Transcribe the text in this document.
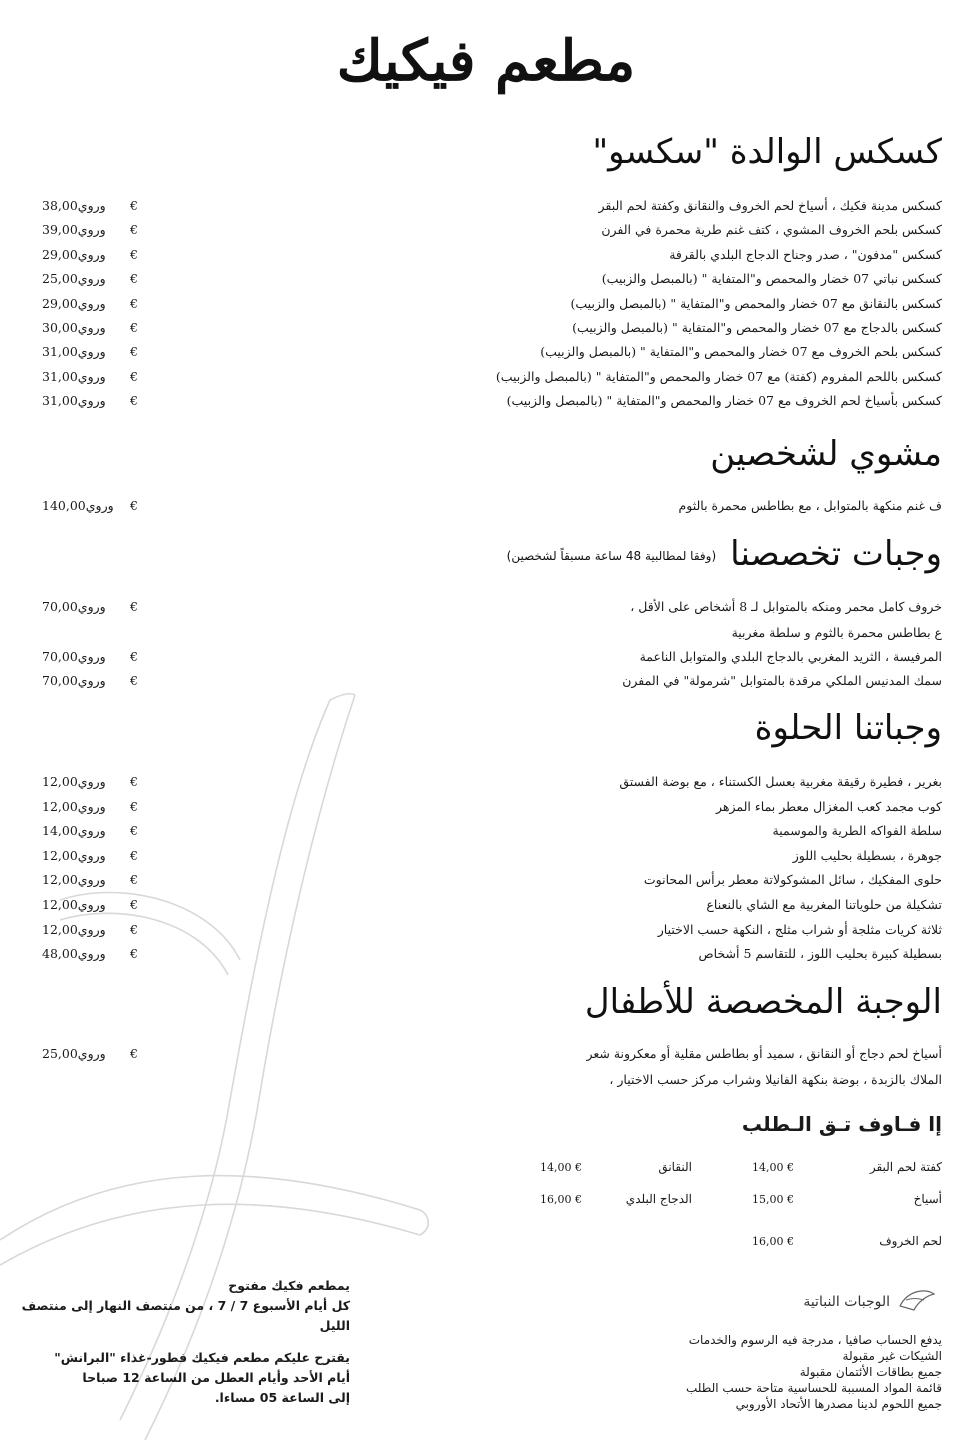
مطعم فيكيك
كسكس الوالدة "سكسو"
كسكس مدينة فكيك ، أسياخ لحم الخروف والنقانق وكفتة لحم البقر
€
38,00وروي
كسكس بلحم الخروف المشوي ، كتف غنم طرية محمرة في الفرن
€
39,00وروي
كسكس "مدفون" ، صدر وجناح الدجاج البلدي بالقرفة
€
29,00وروي
كسكس نباتي 07 خضار والمحمص و"المتفاية " (بالمبصل والزبيب)
€
25,00وروي
كسكس بالنقانق مع 07 خضار والمحمص و"المتفاية " (بالمبصل والزبيب)
€
29,00وروي
كسكس بالدجاج مع 07 خضار والمحمص و"المتفاية " (بالمبصل والزبيب)
€
30,00وروي
كسكس بلحم الخروف مع 07 خضار والمحمص و"المتفاية " (بالمبصل والزبيب)
€
31,00وروي
كسكس باللحم المفروم (كفتة) مع 07 خضار والمحمص و"المتفاية " (بالمبصل والزبيب)
€
31,00وروي
كسكس بأسياخ لحم الخروف مع 07 خضار والمحمص و"المتفاية " (بالمبصل والزبيب)
€
31,00وروي
مشوي لشخصين
ف غنم منكهة بالمتوابل ، مع بطاطس محمرة بالثوم
€
140,00وروي
وجبات تخصصنا(وفقا لمطالبية 48 ساعة مسبقاً لشخصين)
خروف كامل محمر ومنكه بالمتوابل لـ 8 أشخاص على الأقل ،
€
70,00وروي
ع بطاطس محمرة بالثوم و سلطة مغربية
المرفيسة ، الثريد المغربي بالدجاج البلدي والمتوابل الناعمة
€
70,00وروي
سمك المدنيس الملكي مرقدة بالمتوابل "شرمولة" في المفرن
€
70,00وروي
وجباتنا الحلوة
بغرير ، فطيرة رقيقة مغربية بعسل الكستناء ، مع بوضة الفستق
€
12,00وروي
كوب مجمد كعب المغزال معطر بماء المزهر
€
12,00وروي
سلطة الفواكه الطرية والموسمية
€
14,00وروي
جوهرة ، بسطيلة بحليب اللوز
€
12,00وروي
حلوى المفكيك ، سائل المشوكولاتة معطر برأس المحانوت
€
12,00وروي
تشكيلة من حلوياتنا المغربية مع الشاي بالنعناع
€
12,00وروي
ثلاثة كريات مثلجة أو شراب مثلج ، النكهة حسب الاختيار
€
12,00وروي
بسطيلة كبيرة بحليب اللوز ، للتقاسم 5 أشخاص
€
48,00وروي
الوجبة المخصصة للأطفال
أسياخ لحم دجاج أو النقانق ، سميد أو بطاطس مقلية أو معكرونة شعر
الملاك بالزبدة ، بوضة بنكهة الفانيلا وشراب مركز حسب الاختيار ،
€
25,00وروي
إا فـاوف تـق الـطلب
كفتة لحم البقر
14,00 €
النقانق
14,00 €
أسياخ
15,00 €
الدجاج البلدي
16,00 €
لحم الخروف
16,00 €
الوجبات النباتية
يدفع الحساب صافيا ، مدرجة فيه الرسوم والخدمات
الشيكات غير مقبولة
جميع بطاقات الأئتمان مقبولة
قائمة المواد المسببة للحساسية متاحة حسب الطلب
جميع اللحوم لدينا مصدرها الأتحاد الأوروبي
يمطعم فكيك مفتوح
كل أيام الأسبوع 7 / 7 ، من منتصف النهار إلى منتصف الليل
يقترح عليكم مطعم فيكيك فطور-غذاء "البرانش"
أيام الأحد وأيام العطل من الساعة 12 صباحا
إلى الساعة 05 مساءا.
